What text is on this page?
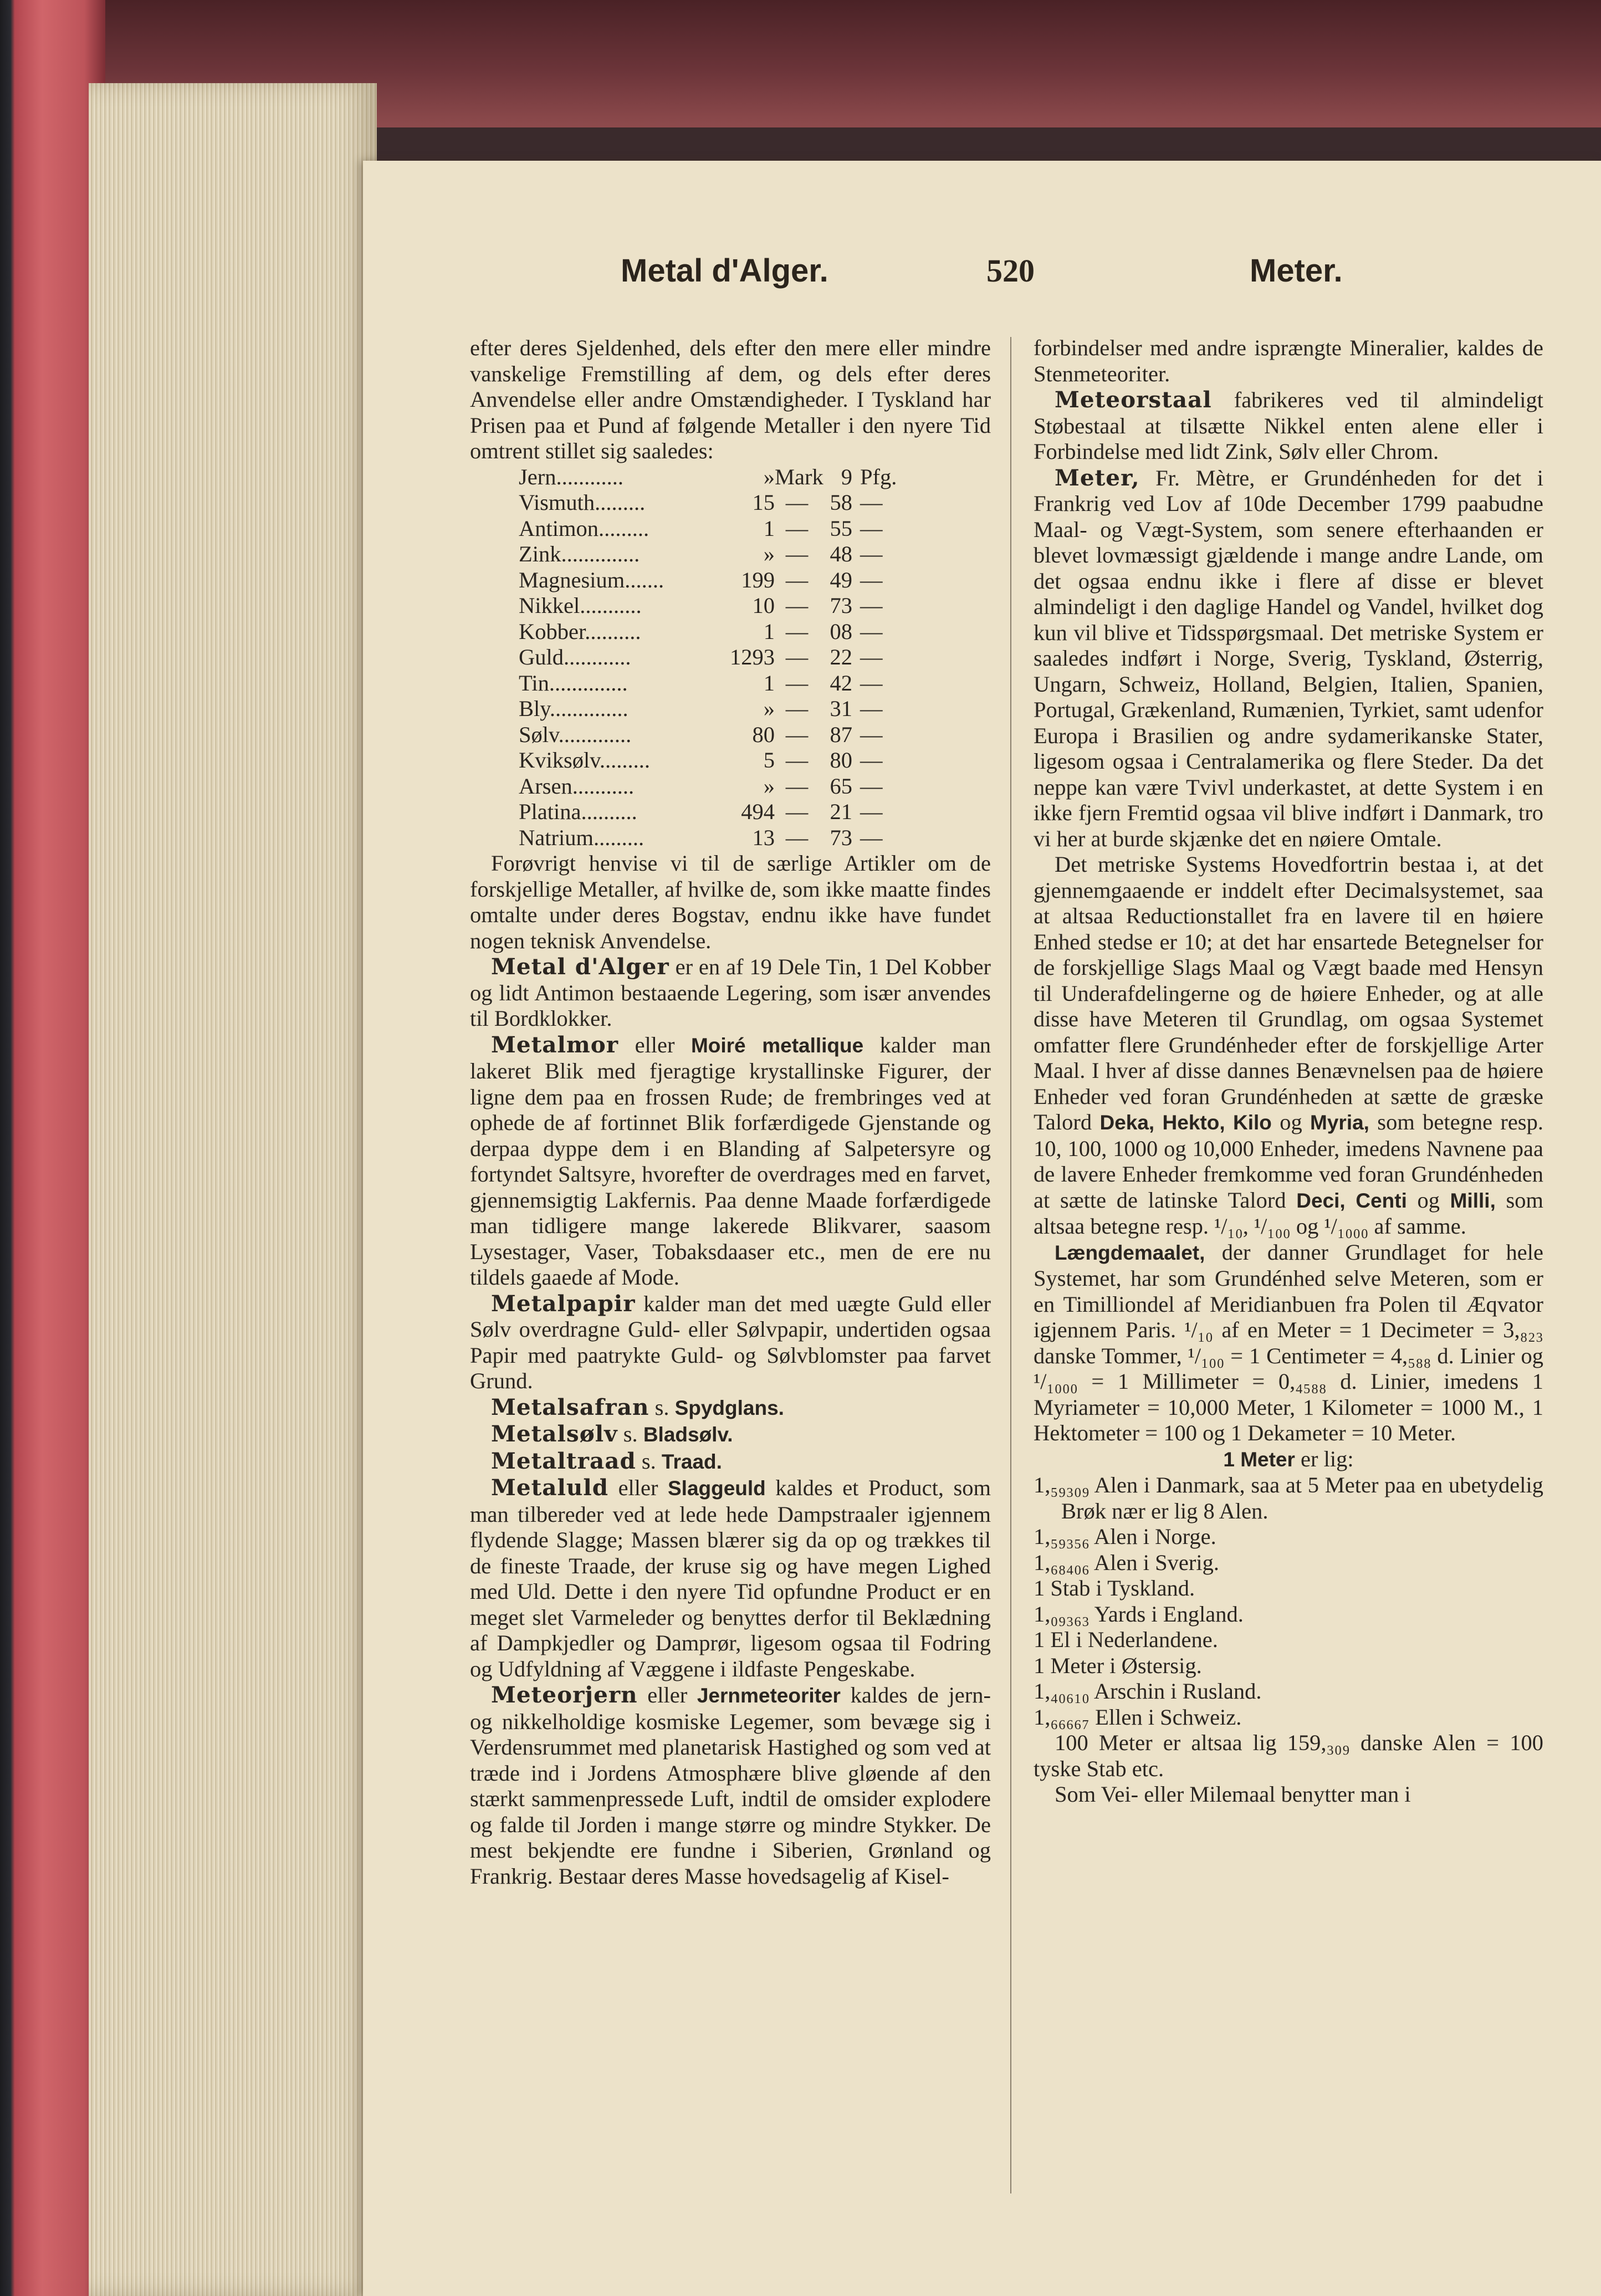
Metal d'Alger.	520	Meter.

efter deres Sjeldenhed, dels efter den mere eller mindre vanskelige Fremstilling af dem, og dels efter deres Anvendelse eller andre Omstændigheder. I Tyskland har Prisen paa et Pund af følgende Metaller i den nyere Tid omtrent stillet sig saaledes:

Jern............	» Mark 9 Pfg.
Vismuth.........	15 — 58 —
Antimon.........	1 — 55 —
Zink..............	» — 48 —
Magnesium.......	199 — 49 —
Nikkel...........	10 — 73 —
Kobber..........	1 — 08 —
Guld............	1293 — 22 —
Tin..............	1 — 42 —
Bly..............	» — 31 —
Sølv.............	80 — 87 —
Kviksølv.........	5 — 80 —
Arsen...........	» — 65 —
Platina..........	494 — 21 —
Natrium.........	13 — 73 —

Forøvrigt henvise vi til de særlige Artikler om de forskjellige Metaller, af hvilke de, som ikke maatte findes omtalte under deres Bogstav, endnu ikke have fundet nogen teknisk Anvendelse.

Metal d'Alger er en af 19 Dele Tin, 1 Del Kobber og lidt Antimon bestaaende Legering, som især anvendes til Bordklokker.

Metalmor eller Moiré metallique kalder man lakeret Blik med fjeragtige krystallinske Figurer, der ligne dem paa en frossen Rude; de frembringes ved at ophede de af fortinnet Blik forfærdigede Gjenstande og derpaa dyppe dem i en Blanding af Salpetersyre og fortyndet Saltsyre, hvorefter de overdrages med en farvet, gjennemsigtig Lakfernis. Paa denne Maade forfærdigede man tidligere mange lakerede Blikvarer, saasom Lysestager, Vaser, Tobaksdaaser etc., men de ere nu tildels gaaede af Mode.

Metalpapir kalder man det med uægte Guld eller Sølv overdragne Guld- eller Sølvpapir, undertiden ogsaa Papir med paatrykte Guld- og Sølvblomster paa farvet Grund.

Metalsafran s. Spydglans.

Metalsølv s. Bladsølv.

Metaltraad s. Traad.

Metaluld eller Slaggeuld kaldes et Product, som man tilbereder ved at lede hede Dampstraaler igjennem flydende Slagge; Massen blærer sig da op og trækkes til de fineste Traade, der kruse sig og have megen Lighed med Uld. Dette i den nyere Tid opfundne Product er en meget slet Varmeleder og benyttes derfor til Beklædning af Dampkjedler og Damprør, ligesom ogsaa til Fodring og Udfyldning af Væggene i ildfaste Pengeskabe.

Meteorjern eller Jernmeteoriter kaldes de jern- og nikkelholdige kosmiske Legemer, som bevæge sig i Verdensrummet med planetarisk Hastighed og som ved at træde ind i Jordens Atmosphære blive gløende af den stærkt sammenpressede Luft, indtil de omsider explodere og falde til Jorden i mange større og mindre Stykker. De mest bekjendte ere fundne i Siberien, Grønland og Frankrig. Bestaar deres Masse hovedsagelig af Kisel-

forbindelser med andre isprængte Mineralier, kaldes de Stenmeteoriter.

Meteorstaal fabrikeres ved til almindeligt Støbestaal at tilsætte Nikkel enten alene eller i Forbindelse med lidt Zink, Sølv eller Chrom.

Meter, Fr. Mètre, er Grundénheden for det i Frankrig ved Lov af 10de December 1799 paabudne Maal- og Vægt-System, som senere efterhaanden er blevet lovmæssigt gjældende i mange andre Lande, om det ogsaa endnu ikke i flere af disse er blevet almindeligt i den daglige Handel og Vandel, hvilket dog kun vil blive et Tidsspørgsmaal. Det metriske System er saaledes indført i Norge, Sverig, Tyskland, Østerrig, Ungarn, Schweiz, Holland, Belgien, Italien, Spanien, Portugal, Grækenland, Rumænien, Tyrkiet, samt udenfor Europa i Brasilien og andre sydamerikanske Stater, ligesom ogsaa i Centralamerika og flere Steder. Da det neppe kan være Tvivl underkastet, at dette System i en ikke fjern Fremtid ogsaa vil blive indført i Danmark, tro vi her at burde skjænke det en nøiere Omtale.

Det metriske Systems Hovedfortrin bestaa i, at det gjennemgaaende er inddelt efter Decimalsystemet, saa at altsaa Reductionstallet fra en lavere til en høiere Enhed stedse er 10; at det har ensartede Betegnelser for de forskjellige Slags Maal og Vægt baade med Hensyn til Underafdelingerne og de høiere Enheder, og at alle disse have Meteren til Grundlag, om ogsaa Systemet omfatter flere Grundénheder efter de forskjellige Arter Maal. I hver af disse dannes Benævnelsen paa de høiere Enheder ved foran Grundénheden at sætte de græske Talord Deka, Hekto, Kilo og Myria, som betegne resp. 10, 100, 1000 og 10,000 Enheder, imedens Navnene paa de lavere Enheder fremkomme ved foran Grundénheden at sætte de latinske Talord Deci, Centi og Milli, som altsaa betegne resp. ¹/₁₀, ¹/₁₀₀ og ¹/₁₀₀₀ af samme.

Længdemaalet, der danner Grundlaget for hele Systemet, har som Grundénhed selve Meteren, som er en Timilliondel af Meridianbuen fra Polen til Æqvator igjennem Paris. ¹/₁₀ af en Meter = 1 Decimeter = 3,₈₂₃ danske Tommer, ¹/₁₀₀ = 1 Centimeter = 4,₅₈₈ d. Linier og ¹/₁₀₀₀ = 1 Millimeter = 0,₄₅₈₈ d. Linier, imedens 1 Myriameter = 10,000 Meter, 1 Kilometer = 1000 M., 1 Hektometer = 100 og 1 Dekameter = 10 Meter.

1 Meter er lig:

1,₅₉₃₀₉ Alen i Danmark, saa at 5 Meter paa en ubetydelig Brøk nær er lig 8 Alen.

1,₅₉₃₅₆ Alen i Norge.

1,₆₈₄₀₆ Alen i Sverig.

1 Stab i Tyskland.

1,₀₉₃₆₃ Yards i England.

1 El i Nederlandene.

1 Meter i Østersig.

1,₄₀₆₁₀ Arschin i Rusland.

1,₆₆₆₆₇ Ellen i Schweiz.

100 Meter er altsaa lig 159,₃₀₉ danske Alen = 100 tyske Stab etc.

Som Vei- eller Milemaal benytter man i
